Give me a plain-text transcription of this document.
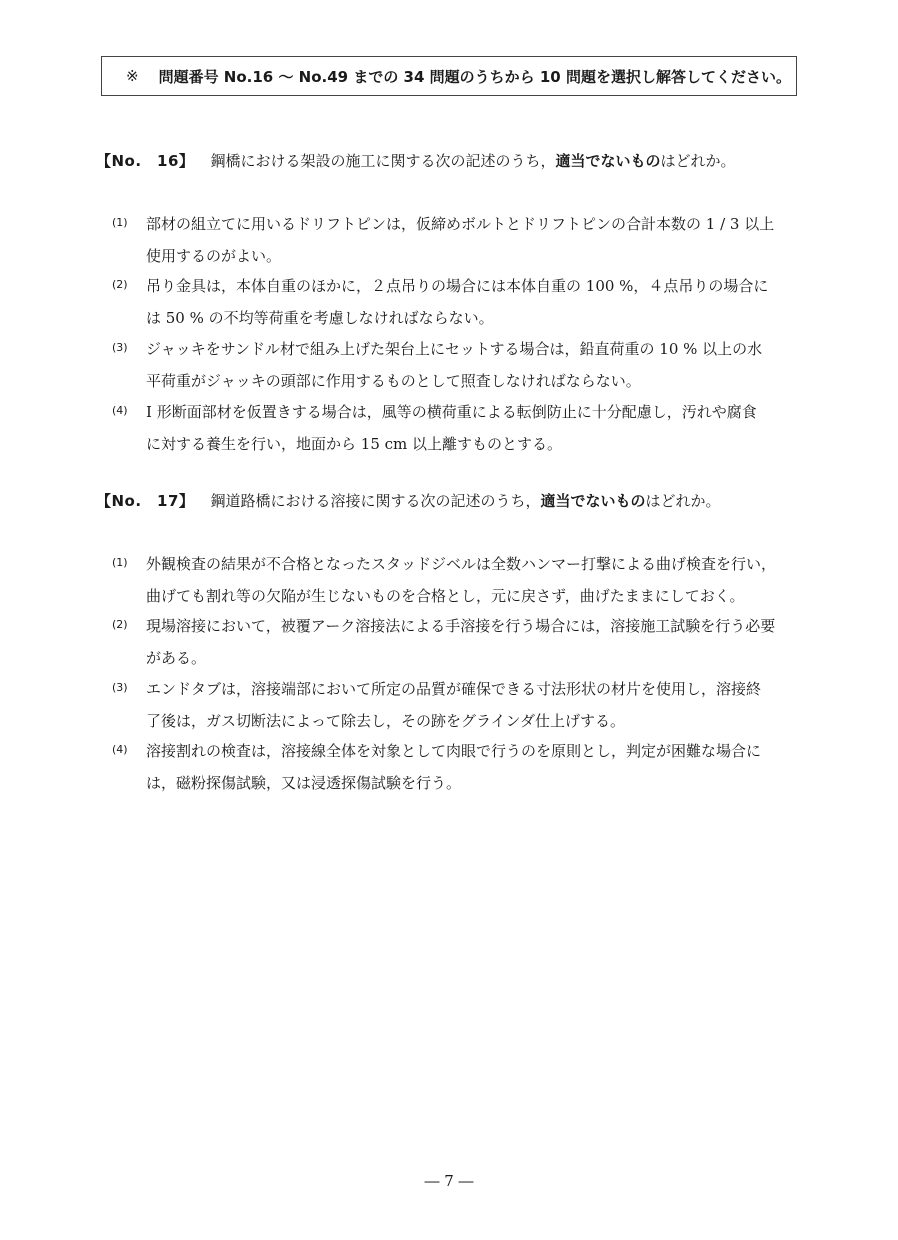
※ 問題番号 No.16 ～ No.49 までの 34 問題のうちから 10 問題を選択し解答してください。
【No.　16】 鋼橋における架設の施工に関する次の記述のうち，適当でないものはどれか。
(1) 部材の組立てに用いるドリフトピンは，仮締めボルトとドリフトピンの合計本数の 1 / 3 以上
使用するのがよい。
(2) 吊り金具は，本体自重のほかに，２点吊りの場合には本体自重の 100 %，４点吊りの場合に
は 50 % の不均等荷重を考慮しなければならない。
(3) ジャッキをサンドル材で組み上げた架台上にセットする場合は，鉛直荷重の 10 % 以上の水
平荷重がジャッキの頭部に作用するものとして照査しなければならない。
(4) I 形断面部材を仮置きする場合は，風等の横荷重による転倒防止に十分配慮し，汚れや腐食
に対する養生を行い，地面から 15 cm 以上離すものとする。
【No.　17】 鋼道路橋における溶接に関する次の記述のうち，適当でないものはどれか。
(1) 外観検査の結果が不合格となったスタッドジベルは全数ハンマー打撃による曲げ検査を行い，
曲げても割れ等の欠陥が生じないものを合格とし，元に戻さず，曲げたままにしておく。
(2) 現場溶接において，被覆アーク溶接法による手溶接を行う場合には，溶接施工試験を行う必要
がある。
(3) エンドタブは，溶接端部において所定の品質が確保できる寸法形状の材片を使用し，溶接終
了後は，ガス切断法によって除去し，その跡をグラインダ仕上げする。
(4) 溶接割れの検査は，溶接線全体を対象として肉眼で行うのを原則とし，判定が困難な場合に
は，磁粉探傷試験，又は浸透探傷試験を行う。
― 7 ―
